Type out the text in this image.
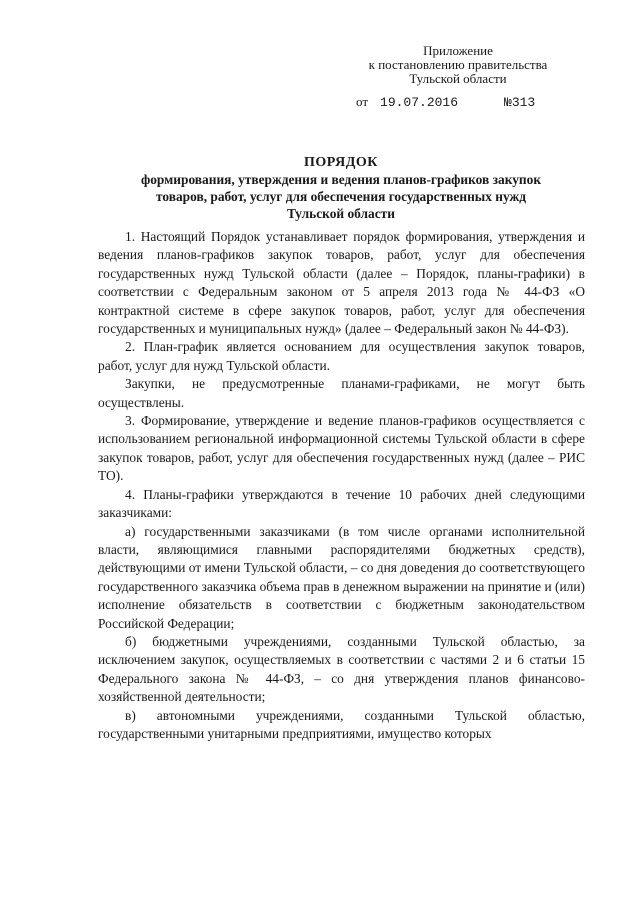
Приложение
к постановлению правительства
Тульской области
от 19.07.2016	№313
ПОРЯДОК
формирования, утверждения и ведения планов-графиков закупок
товаров, работ, услуг для обеспечения государственных нужд
Тульской области

1. Настоящий Порядок устанавливает порядок формирования, утверждения и ведения планов-графиков закупок товаров, работ, услуг для обеспечения государственных нужд Тульской области (далее – Порядок, планы-графики) в соответствии с Федеральным законом от 5 апреля 2013 года № 44-ФЗ «О контрактной системе в сфере закупок товаров, работ, услуг для обеспечения государственных и муниципальных нужд» (далее – Федеральный закон № 44-ФЗ).

2. План-график является основанием для осуществления закупок товаров, работ, услуг для нужд Тульской области.

Закупки, не предусмотренные планами-графиками, не могут быть осуществлены.

3. Формирование, утверждение и ведение планов-графиков осуществляется с использованием региональной информационной системы Тульской области в сфере закупок товаров, работ, услуг для обеспечения государственных нужд (далее – РИС ТО).

4. Планы-графики утверждаются в течение 10 рабочих дней следующими заказчиками:

а) государственными заказчиками (в том числе органами исполнительной власти, являющимися главными распорядителями бюджетных средств), действующими от имени Тульской области, – со дня доведения до соответствующего государственного заказчика объема прав в денежном выражении на принятие и (или) исполнение обязательств в соответствии с бюджетным законодательством Российской Федерации;

б) бюджетными учреждениями, созданными Тульской областью, за исключением закупок, осуществляемых в соответствии с частями 2 и 6 статьи 15 Федерального закона № 44-ФЗ, – со дня утверждения планов финансово-хозяйственной деятельности;

в) автономными учреждениями, созданными Тульской областью, государственными унитарными предприятиями, имущество которых
